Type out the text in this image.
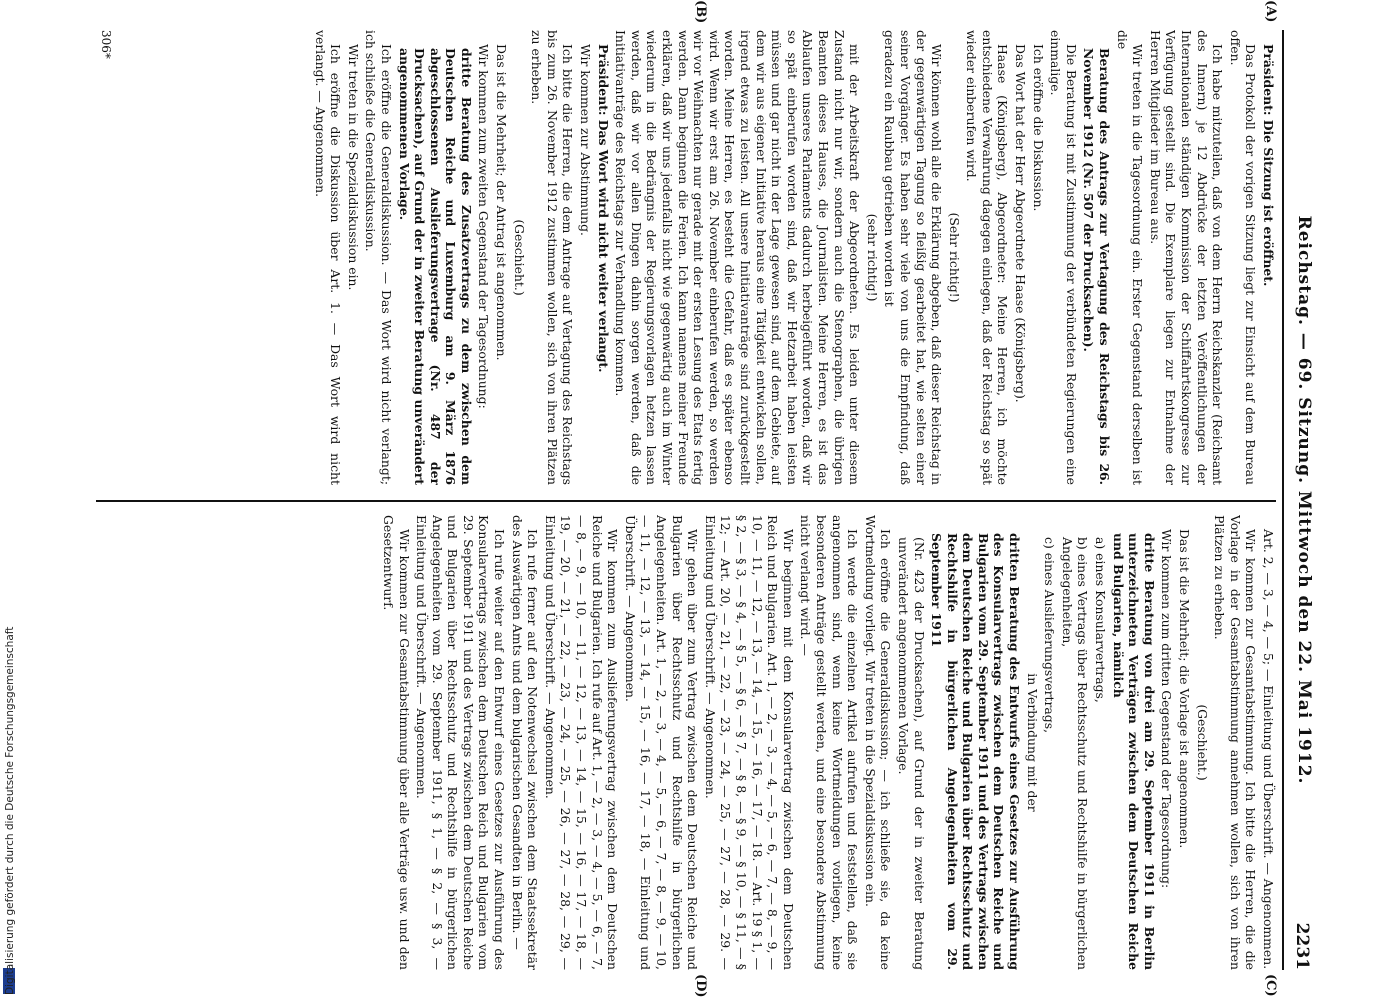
Reichstag. — 69. Sitzung. Mittwoch den 22. Mai 1912.
2231
(A)
(B)
(C)
(D)

Präsident: Die Sitzung ist eröffnet.

Das Protokoll der vorigen Sitzung liegt zur Einsicht auf dem Bureau offen.

Ich habe mitzuteilen, daß von dem Herrn Reichskanzler (Reichsamt des Innern) je 12 Abdrücke der letzten Veröffentlichungen der Internationalen ständigen Kommission der Schiffahrtskongresse zur Verfügung gestellt sind. Die Exemplare liegen zur Entnahme der Herren Mitglieder im Bureau aus.

Wir treten in die Tagesordnung ein. Erster Gegenstand derselben ist die

Beratung des Antrags zur Vertagung des Reichstags bis 26. November 1912 (Nr. 507 der Drucksachen).

Die Beratung ist mit Zustimmung der verbündeten Regierungen eine einmalige.

Ich eröffne die Diskussion.

Das Wort hat der Herr Abgeordnete Haase (Königsberg).

Haase (Königsberg), Abgeordneter: Meine Herren, ich möchte entschiedene Verwahrung dagegen einlegen, daß der Reichstag so spät wieder einberufen wird.

(Sehr richtig!)

Wir können wohl alle die Erklärung abgeben, daß dieser Reichstag in der gegenwärtigen Tagung so fleißig gearbeitet hat, wie selten einer seiner Vorgänger. Es haben sehr viele von uns die Empfindung, daß geradezu ein Raubbau getrieben worden ist

(sehr richtig!)

mit der Arbeitskraft der Abgeordneten. Es leiden unter diesem Zustand nicht nur wir, sondern auch die Stenographen, die übrigen Beamten dieses Hauses, die Journalisten. Meine Herren, es ist das Ablaufen unseres Parlaments dadurch herbeigeführt worden, daß wir so spät einberufen worden sind, daß wir Hetzarbeit haben leisten müssen und gar nicht in der Lage gewesen sind, auf dem Gebiete, auf dem wir aus eigener Initiative heraus eine Tätigkeit entwickeln sollen, irgend etwas zu leisten. All unsere Initiativanträge sind zurückgestellt worden. Meine Herren, es besteht die Gefahr, daß es später ebenso wird. Wenn wir erst am 26. November einberufen werden, so werden wir vor Weihnachten nur gerade mit der ersten Lesung des Etats fertig werden. Dann beginnen die Ferien. Ich kann namens meiner Freunde erklären, daß wir uns jedenfalls nicht wie gegenwärtig auch im Winter wiederum in die Bedrängnis der Regierungsvorlagen hetzen lassen werden, daß wir vor allen Dingen dahin sorgen werden, daß die Initiativanträge des Reichstags zur Verhandlung kommen.

Präsident: Das Wort wird nicht weiter verlangt.

Wir kommen zur Abstimmung.

Ich bitte die Herren, die dem Antrage auf Vertagung des Reichstags bis zum 26. November 1912 zustimmen wollen, sich von ihren Plätzen zu erheben.

(Geschieht.)

Das ist die Mehrheit; der Antrag ist angenommen.

Wir kommen zum zweiten Gegenstand der Tagesordnung:

dritte Beratung des Zusatzvertrags zu dem zwischen dem Deutschen Reiche und Luxemburg am 9. März 1876 abgeschlossenen Auslieferungsvertrage (Nr. 487 der Drucksachen), auf Grund der in zweiter Beratung unverändert angenommenen Vorlage.

Ich eröffne die Generaldiskussion. — Das Wort wird nicht verlangt; ich schließe die Generaldiskussion.

Wir treten in die Spezialdiskussion ein.

Ich eröffne die Diskussion über Art. 1. — Das Wort wird nicht verlangt. — Angenommen.

Art. 2, — 3, — 4, — 5; — Einleitung und Überschrift. — Angenommen.

Wir kommen zur Gesamtabstimmung. Ich bitte die Herren, die die Vorlage in der Gesamtabstimmung annehmen wollen, sich von ihren Plätzen zu erheben.

(Geschieht.)

Das ist die Mehrheit; die Vorlage ist angenommen.

Wir kommen zum dritten Gegenstand der Tagesordnung:

dritte Beratung von drei am 29. September 1911 in Berlin unterzeichneten Verträgen zwischen dem Deutschen Reiche und Bulgarien, nämlich

a) eines Konsularvertrags,

b) eines Vertrags über Rechtsschutz und Rechtshilfe in bürgerlichen Angelegenheiten,

c) eines Auslieferungsvertrags,

in Verbindung mit der

dritten Beratung des Entwurfs eines Gesetzes zur Ausführung des Konsularvertrags zwischen dem Deutschen Reiche und Bulgarien vom 29. September 1911 und des Vertrags zwischen dem Deutschen Reiche und Bulgarien über Rechtsschutz und Rechtshilfe in bürgerlichen Angelegenheiten vom 29. September 1911

(Nr. 423 der Drucksachen), auf Grund der in zweiter Beratung unverändert angenommenen Vorlage.

Ich eröffne die Generaldiskussion; — ich schließe sie, da keine Wortmeldung vorliegt. Wir treten in die Spezialdiskussion ein.

Ich werde die einzelnen Artikel aufrufen und feststellen, daß sie angenommen sind, wenn keine Wortmeldungen vorliegen, keine besonderen Anträge gestellt werden, und eine besondere Abstimmung nicht verlangt wird. —

Wir beginnen mit dem Konsularvertrag zwischen dem Deutschen Reich und Bulgarien. Art. 1, — 2, — 3, — 4, — 5, — 6, — 7, — 8, — 9, — 10, — 11, — 12, — 13, — 14, — 15, — 16, — 17, — 18. — Art. 19 § 1, — § 2, — § 3, — § 4, — § 5, — § 6, — § 7, — § 8, — § 9, — § 10, — § 11, — § 12; — Art. 20, — 21, — 22, — 23, — 24, — 25, — 27, — 28, — 29. — Einleitung und Überschrift. — Angenommen.

Wir gehen über zum Vertrag zwischen dem Deutschen Reiche und Bulgarien über Rechtsschutz und Rechtshilfe in bürgerlichen Angelegenheiten. Art. 1, — 2, — 3, — 4, — 5, — 6, — 7, — 8, — 9, — 10, — 11, — 12, — 13, — 14, — 15, — 16, — 17, — 18, — Einleitung und Überschrift. — Angenommen.

Wir kommen zum Auslieferungsvertrag zwischen dem Deutschen Reiche und Bulgarien. Ich rufe auf Art. 1, — 2, — 3, — 4, — 5, — 6, — 7, — 8, — 9, — 10, — 11, — 12, — 13, — 14, — 15, — 16, — 17, — 18, — 19, — 20, — 21, — 22, — 23, — 24, — 25, — 26, — 27, — 28, — 29, — Einleitung und Überschrift. — Angenommen.

Ich rufe ferner auf den Notenwechsel zwischen dem Staatssekretär des Auswärtigen Amts und dem bulgarischen Gesandten in Berlin. —

Ich rufe weiter auf den Entwurf eines Gesetzes zur Ausführung des Konsularvertrags zwischen dem Deutschen Reich und Bulgarien vom 29. September 1911 und des Vertrags zwischen dem Deutschen Reiche und Bulgarien über Rechtsschutz und Rechtshilfe in bürgerlichen Angelegenheiten vom 29. September 1911, § 1, — § 2, — § 3, — Einleitung und Überschrift. — Angenommen.

Wir kommen zur Gesamtabstimmung über alle Verträge usw. und den Gesetzentwurf.

306*
Digitalisierung gefördert durch die Deutsche Forschungsgemeinschaft
